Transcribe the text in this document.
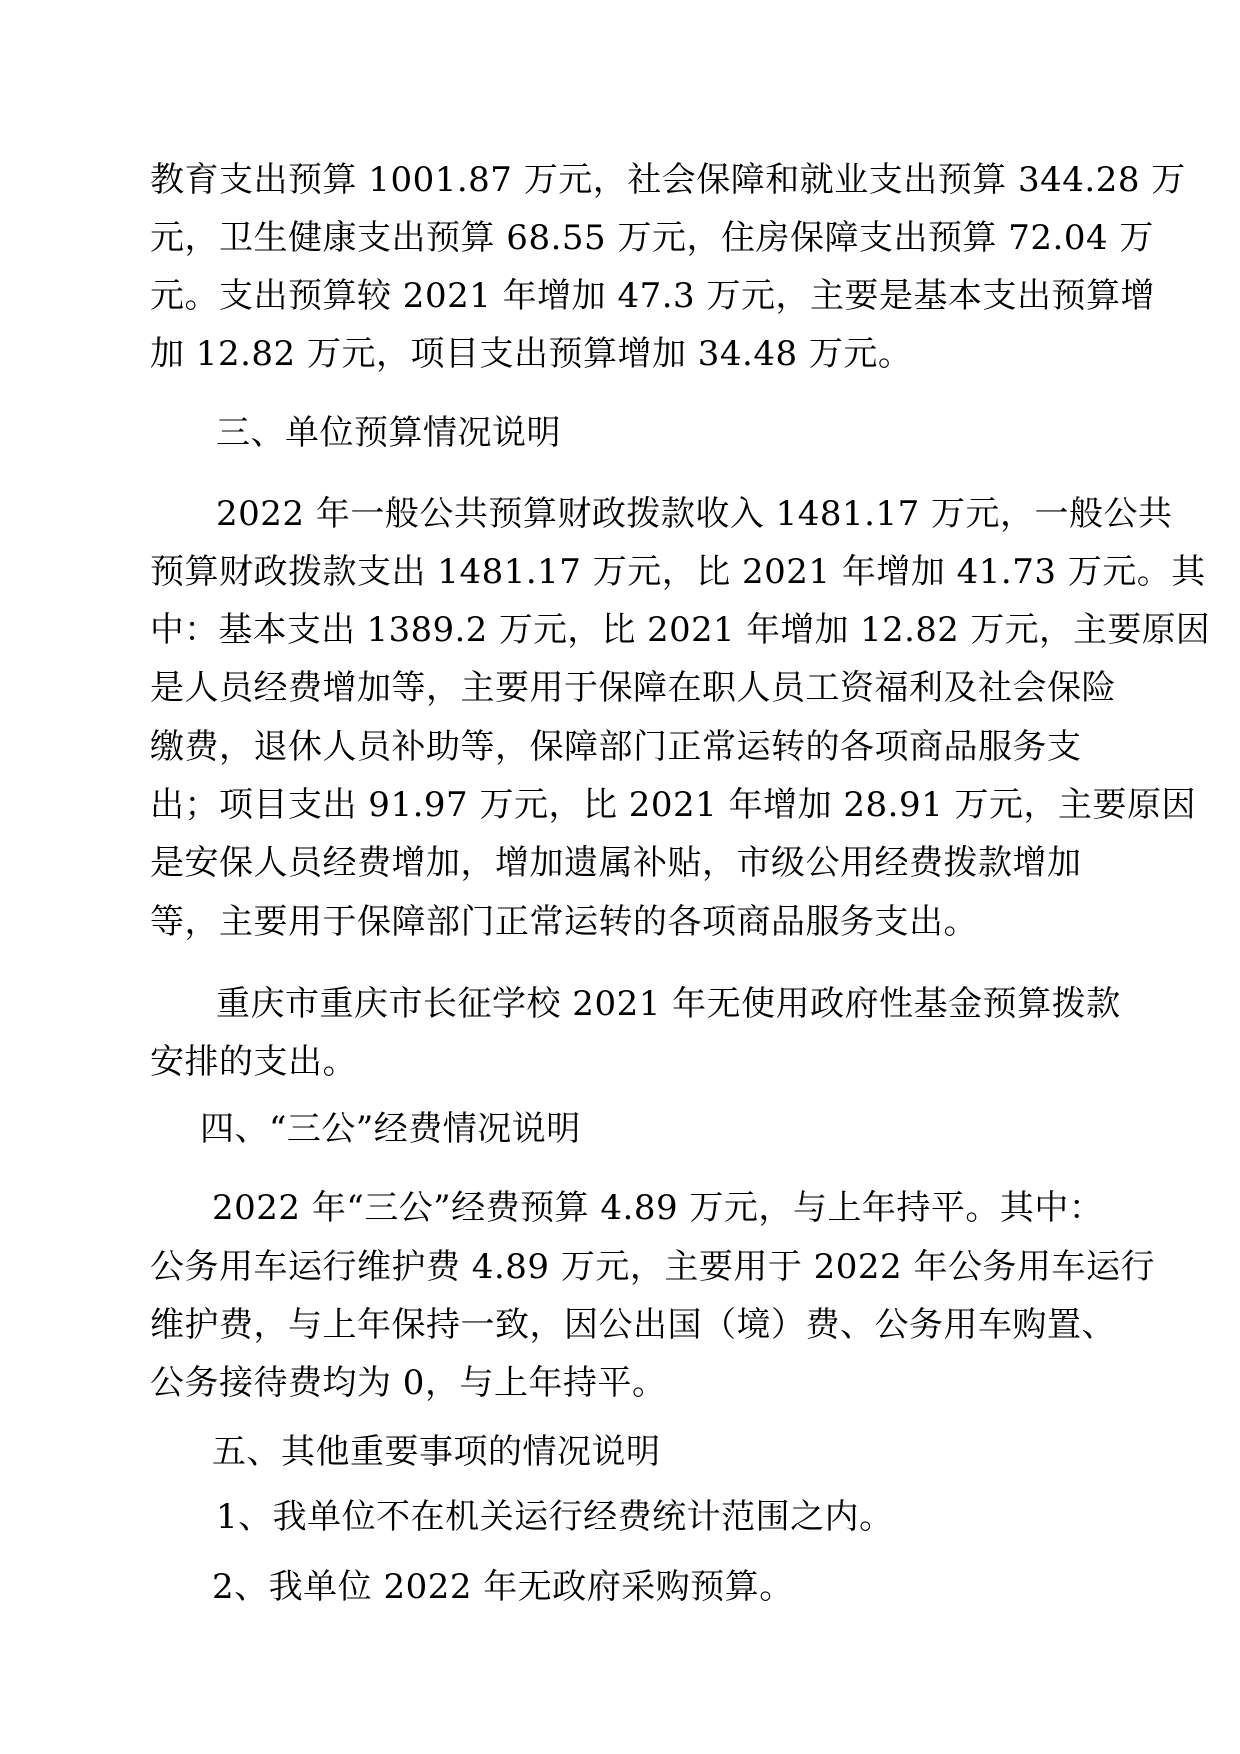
教育支出预算 1001.87 万元，社会保障和就业支出预算 344.28 万
元，卫生健康支出预算 68.55 万元，住房保障支出预算 72.04 万
元。支出预算较 2021 年增加 47.3 万元，主要是基本支出预算增
加 12.82 万元，项目支出预算增加 34.48 万元。
三、单位预算情况说明
2022 年一般公共预算财政拨款收入 1481.17 万元，一般公共
预算财政拨款支出 1481.17 万元，比 2021 年增加 41.73 万元。其
中：基本支出 1389.2 万元，比 2021 年增加 12.82 万元，主要原因
是人员经费增加等，主要用于保障在职人员工资福利及社会保险
缴费，退休人员补助等，保障部门正常运转的各项商品服务支
出；项目支出 91.97 万元，比 2021 年增加 28.91 万元，主要原因
是安保人员经费增加，增加遗属补贴，市级公用经费拨款增加
等，主要用于保障部门正常运转的各项商品服务支出。
重庆市重庆市长征学校 2021 年无使用政府性基金预算拨款
安排的支出。
四、“三公”经费情况说明
2022 年“三公”经费预算 4.89 万元，与上年持平。其中：
公务用车运行维护费 4.89 万元，主要用于 2022 年公务用车运行
维护费，与上年保持一致，因公出国（境）费、公务用车购置、
公务接待费均为 0，与上年持平。
五、其他重要事项的情况说明
1、我单位不在机关运行经费统计范围之内。
2、我单位 2022 年无政府采购预算。
